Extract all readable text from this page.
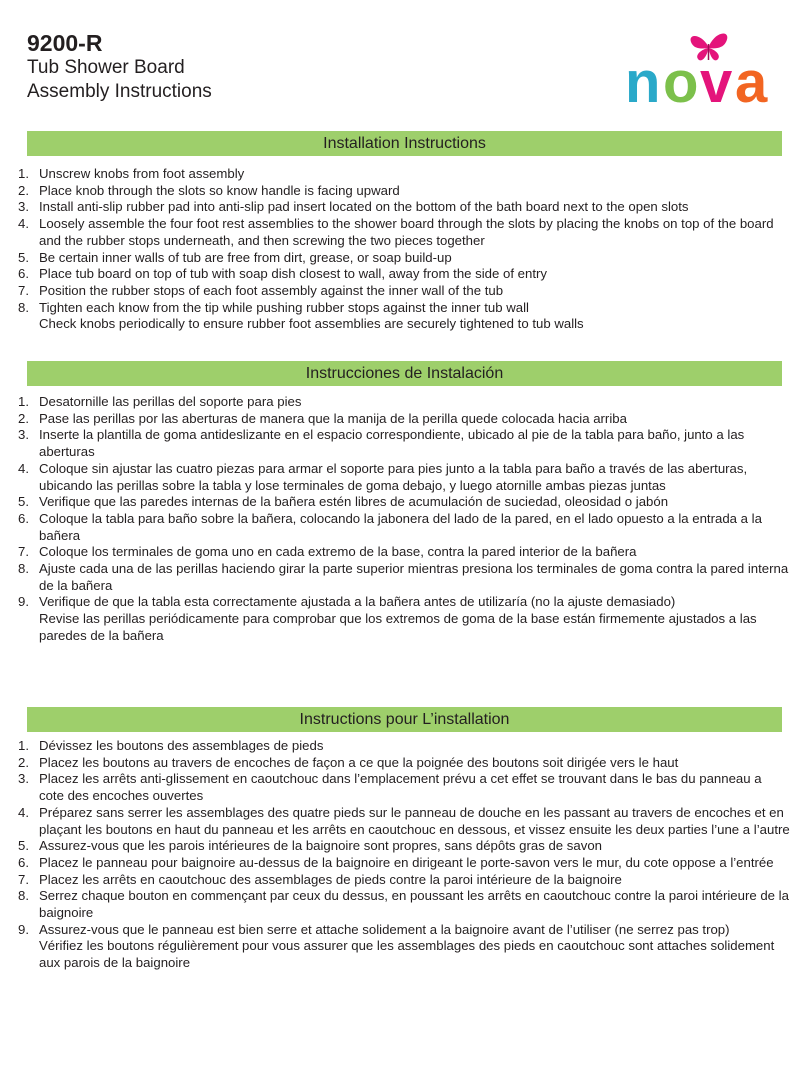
9200-R

Tub Shower Board

Assembly Instructions	n o v a
Installation Instructions
1. Unscrew knobs from foot assembly
2. Place knob through the slots so know handle is facing upward
3. Install anti-slip rubber pad into anti-slip pad insert located on the bottom of the bath board next to the open slots
4. Loosely assemble the four foot rest assemblies to the shower board through the slots by placing the knobs on top of the board and the rubber stops underneath, and then screwing the two pieces together
5. Be certain inner walls of tub are free from dirt, grease, or soap build-up
6. Place tub board on top of tub with soap dish closest to wall, away from the side of entry
7. Position the rubber stops of each foot assembly against the inner wall of the tub
8. Tighten each know from the tip while pushing rubber stops against the inner tub wall
Check knobs periodically to ensure rubber foot assemblies are securely tightened to tub walls
Instrucciones de Instalación
1. Desatornille las perillas del soporte para pies
2. Pase las perillas por las aberturas de manera que la manija de la perilla quede colocada hacia arriba
3. Inserte la plantilla de goma antideslizante en el espacio correspondiente, ubicado al pie de la tabla para baño, junto a las aberturas
4. Coloque sin ajustar las cuatro piezas para armar el soporte para pies junto a la tabla para baño a través de las aberturas, ubicando las perillas sobre la tabla y lose terminales de goma debajo, y luego atornille ambas piezas juntas
5. Verifique que las paredes internas de la bañera estén libres de acumulación de suciedad, oleosidad o jabón
6. Coloque la tabla para baño sobre la bañera, colocando la jabonera del lado de la pared, en el lado opuesto a la entrada a la bañera
7. Coloque los terminales de goma uno en cada extremo de la base, contra la pared interior de la bañera
8. Ajuste cada una de las perillas haciendo girar la parte superior mientras presiona los terminales de goma contra la pared interna de la bañera
9. Verifique de que la tabla esta correctamente ajustada a la bañera antes de utilizaría (no la ajuste demasiado)
Revise las perillas periódicamente para comprobar que los extremos de goma de la base están firmemente ajustados a las paredes de la bañera
Instructions pour L’installation
1. Dévissez les boutons des assemblages de pieds
2. Placez les boutons au travers de encoches de façon a ce que la poignée des boutons soit dirigée vers le haut
3. Placez les arrêts anti-glissement en caoutchouc dans l’emplacement prévu a cet effet se trouvant dans le bas du panneau a cote des encoches ouvertes
4. Préparez sans serrer les assemblages des quatre pieds sur le panneau de douche en les passant au travers de encoches et en plaçant les boutons en haut du panneau et les arrêts en caoutchouc en dessous, et vissez ensuite les deux parties l’une a l’autre
5. Assurez-vous que les parois intérieures de la baignoire sont propres, sans dépôts gras de savon
6. Placez le panneau pour baignoire au-dessus de la baignoire en dirigeant le porte-savon vers le mur, du cote oppose a l’entrée
7. Placez les arrêts en caoutchouc des assemblages de pieds contre la paroi intérieure de la baignoire
8. Serrez chaque bouton en commençant par ceux du dessus, en poussant les arrêts en caoutchouc contre la paroi intérieure de la baignoire
9. Assurez-vous que le panneau est bien serre et attache solidement a la baignoire avant de l’utiliser (ne serrez pas trop)
Vérifiez les boutons régulièrement pour vous assurer que les assemblages des pieds en caoutchouc sont attaches solidement aux parois de la baignoire
